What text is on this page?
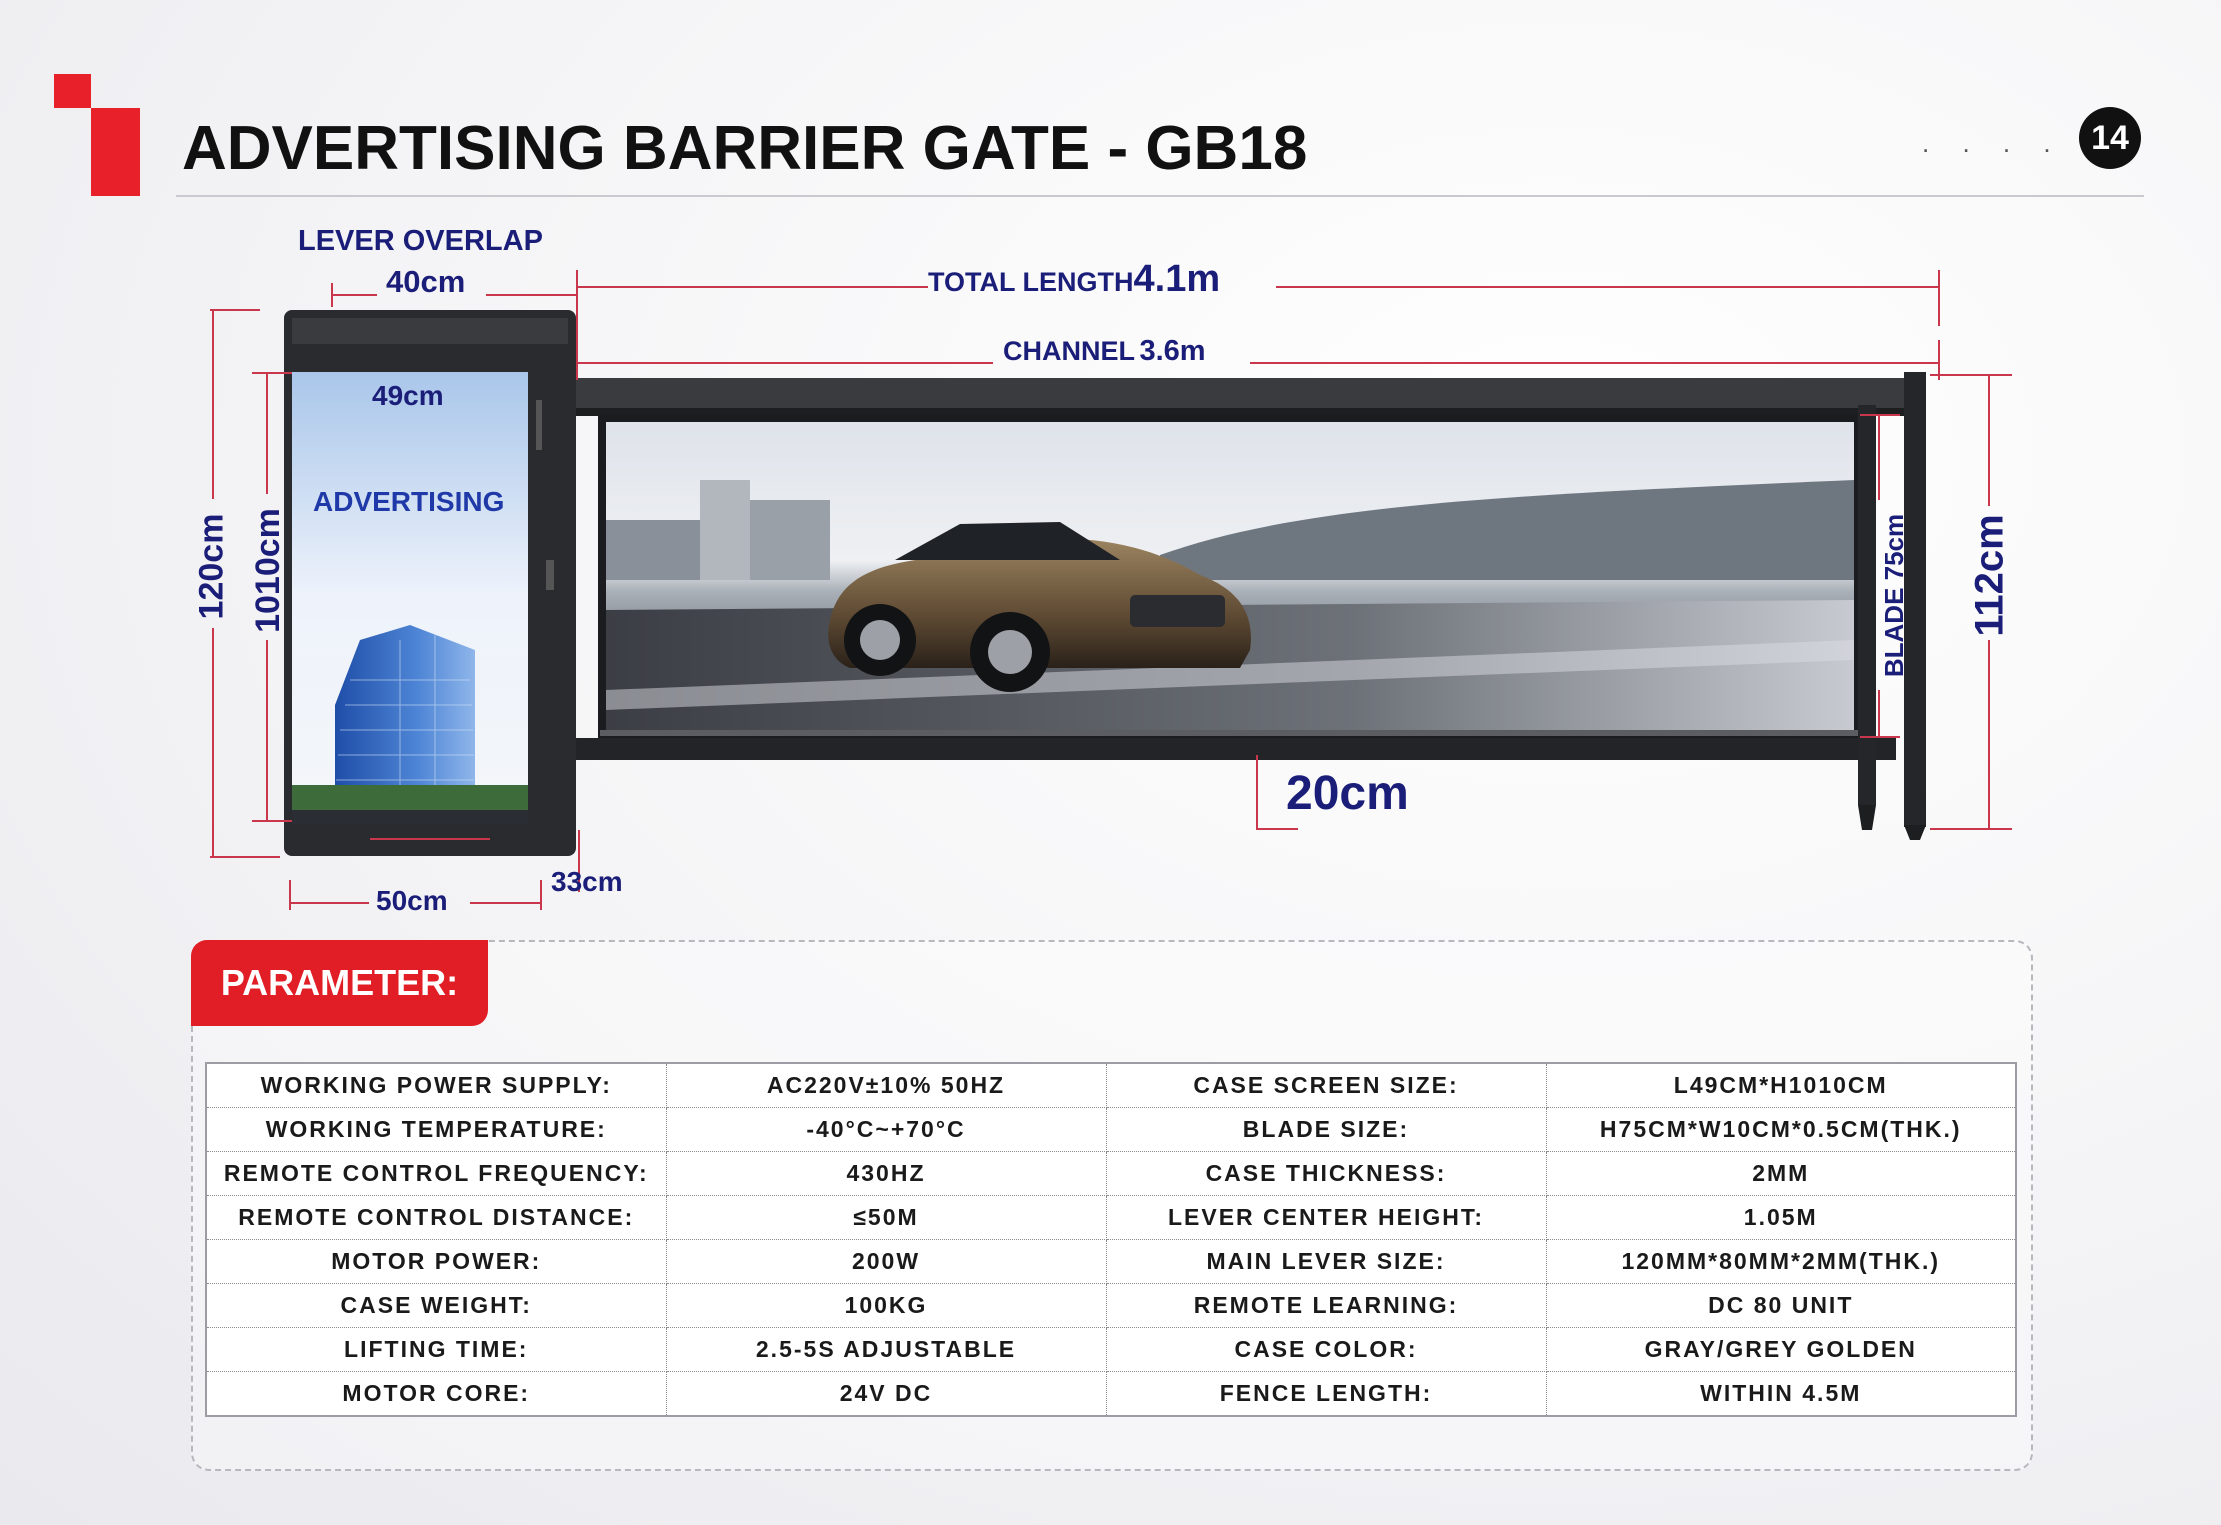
ADVERTISING BARRIER GATE - GB18	. . . . 14
LEVER OVERLAP
40cm	TOTAL LENGTH4.1m
CHANNEL 3.6m
49cm
ADVERTISING
120cm 1010cm	BLADE 75cm 112cm
20cm
50cm
33cm
PARAMETER:
WORKING POWER SUPPLY:	AC220V±10% 50HZ	CASE SCREEN SIZE:	L49CM*H1010CM
WORKING TEMPERATURE:	-40°C~+70°C	BLADE SIZE:	H75CM*W10CM*0.5CM(THK.)
REMOTE CONTROL FREQUENCY:	430HZ	CASE THICKNESS:	2MM
REMOTE CONTROL DISTANCE:	≤50M	LEVER CENTER HEIGHT:	1.05M
MOTOR POWER:	200W	MAIN LEVER SIZE:	120MM*80MM*2MM(THK.)
CASE WEIGHT:	100KG	REMOTE LEARNING:	DC 80 UNIT
LIFTING TIME:	2.5-5S ADJUSTABLE	CASE COLOR:	GRAY/GREY GOLDEN
MOTOR CORE:	24V DC	FENCE LENGTH:	WITHIN 4.5M
